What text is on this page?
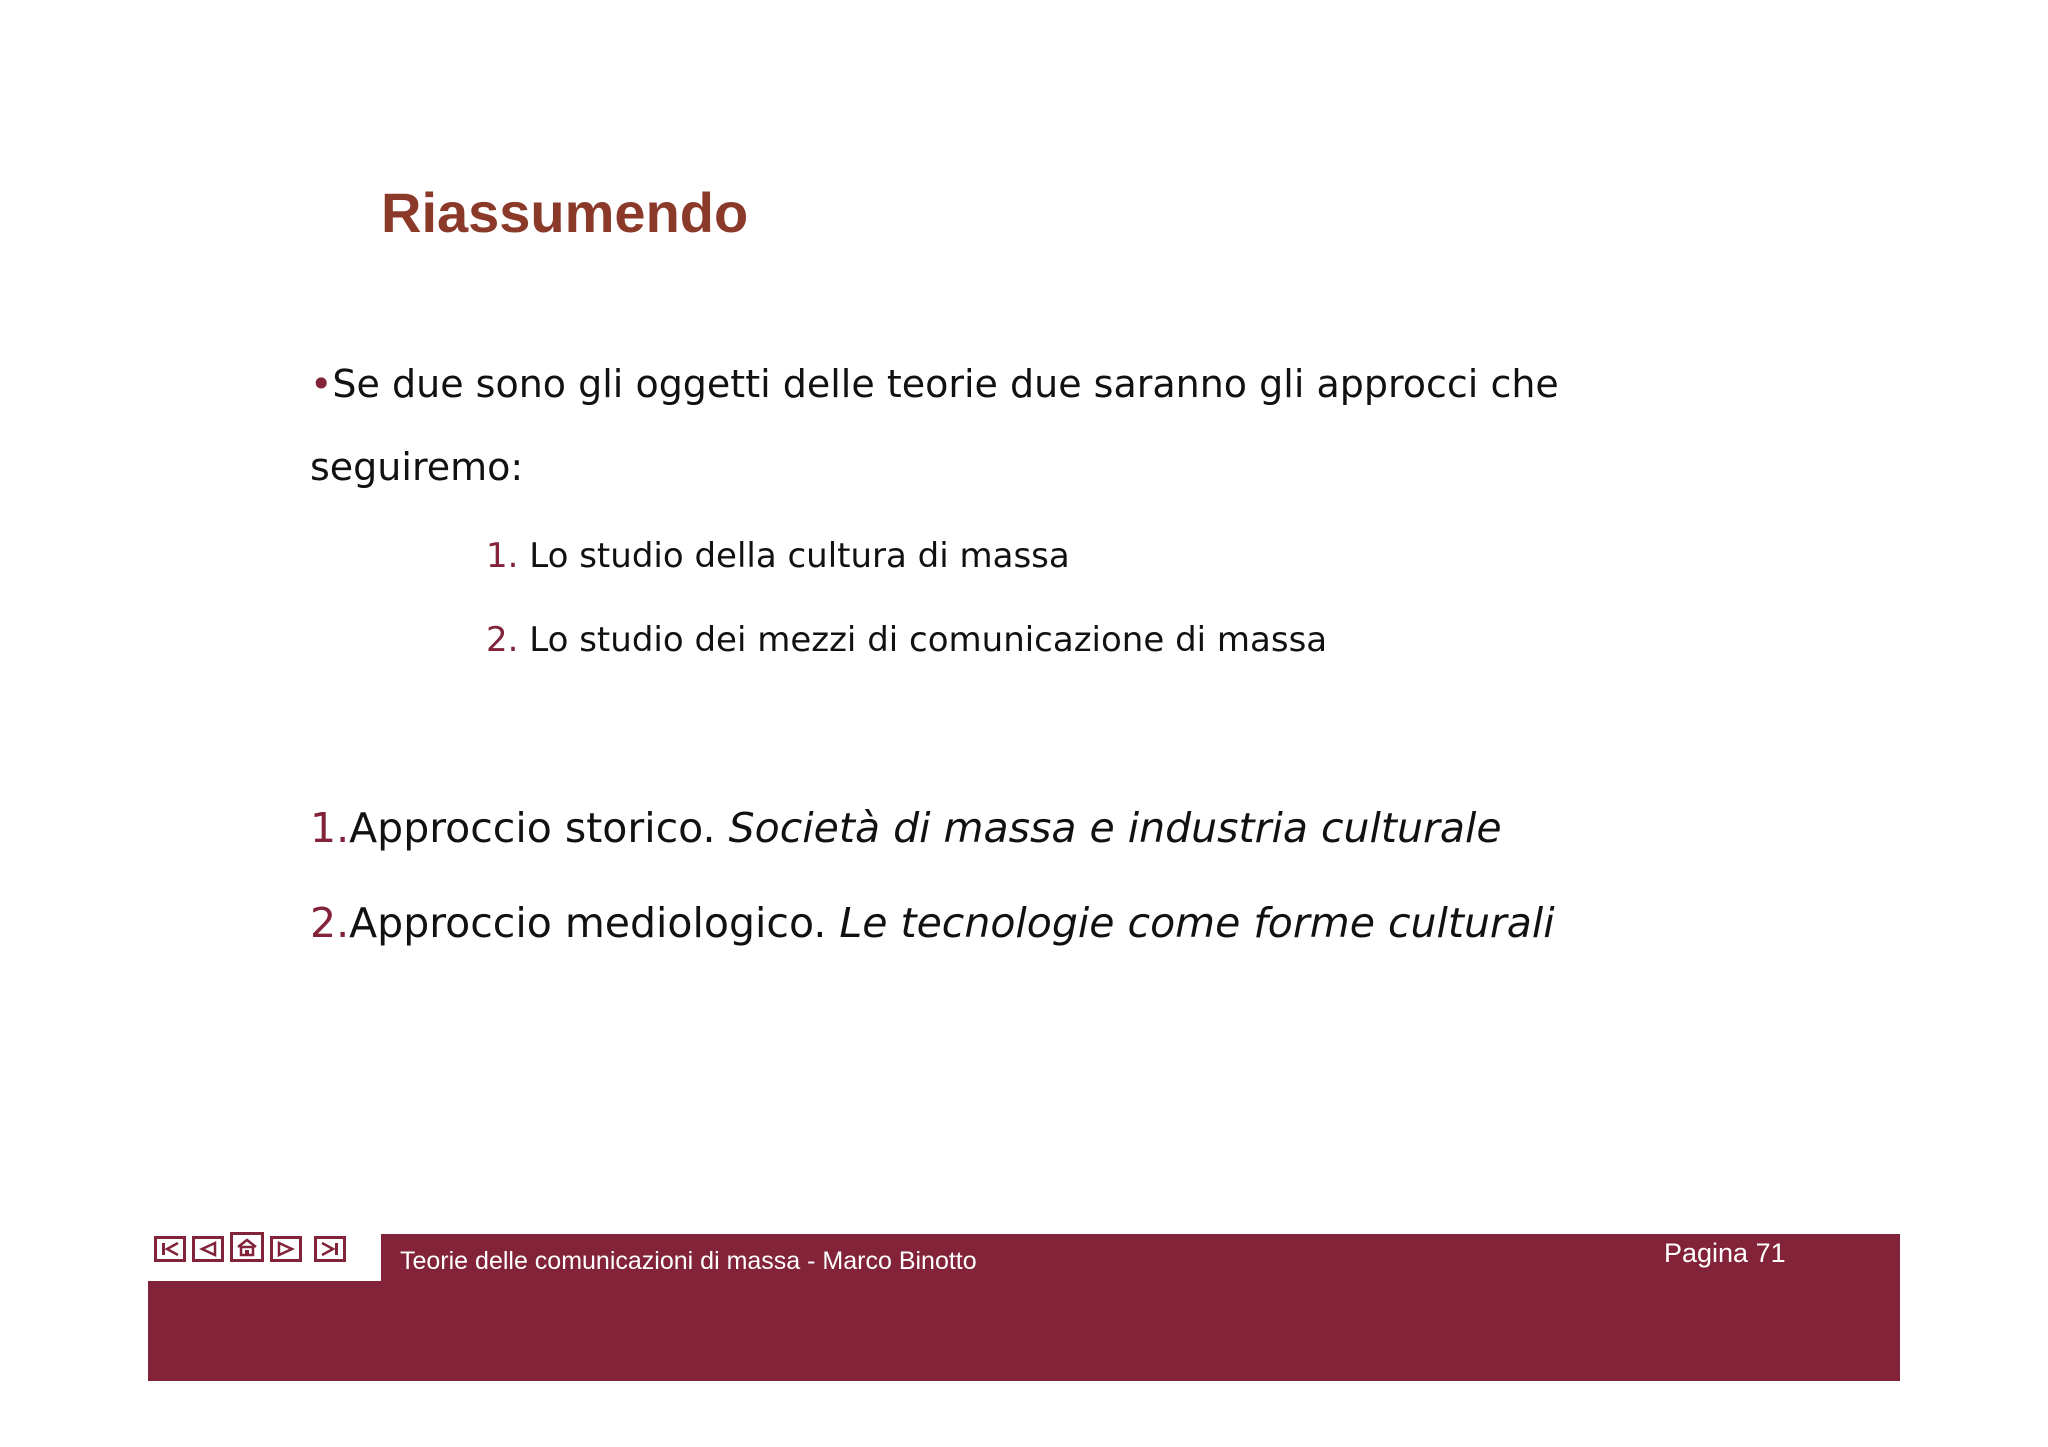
Riassumendo
•Se due sono gli oggetti delle teorie due saranno gli approcci che
seguiremo:
1. Lo studio della cultura di massa
2. Lo studio dei mezzi di comunicazione di massa
1.Approccio storico. Società di massa e industria culturale
2.Approccio mediologico. Le tecnologie come forme culturali
Teorie delle comunicazioni di massa - Marco Binotto	Pagina 71
